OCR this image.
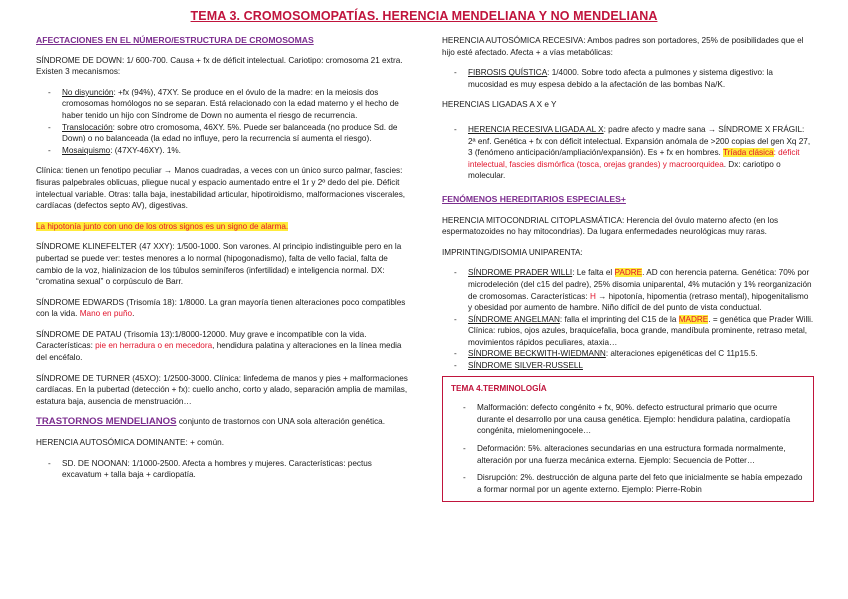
TEMA 3. CROMOSOMOPATÍAS. HERENCIA MENDELIANA Y NO MENDELIANA

AFECTACIONES EN EL NÚMERO/ESTRUCTURA DE CROMOSOMAS

SÍNDROME DE DOWN: 1/ 600-700. Causa + fx de déficit intelectual. Cariotipo: cromosoma 21 extra. Existen 3 mecanismos:

- No disyunción: +fx (94%), 47XY. Se produce en el óvulo de la madre: en la meiosis dos cromosomas homólogos no se separan. Está relacionado con la edad materno y el hecho de haber tenido un hijo con Síndrome de Down no aumenta el riesgo de recurrencia.
- Translocación: sobre otro cromosoma, 46XY. 5%. Puede ser balanceada (no produce Sd. de Down) o no balanceada (la edad no influye, pero la recurrencia sí aumenta el riesgo).
- Mosaiquismo: (47XY-46XY). 1%.

Clínica: tienen un fenotipo peculiar → Manos cuadradas, a veces con un único surco palmar, fascies: fisuras palpebrales oblicuas, pliegue nucal y espacio aumentado entre el 1r y 2º dedo del pie. Déficit intelectual variable. Otras: talla baja, inestabilidad articular, hipotiroidismo, malformaciones viscerales, cardíacas (defectos septo AV), digestivas.

La hipotonía junto con uno de los otros signos es un signo de alarma.

SÍNDROME KLINEFELTER (47 XXY): 1/500-1000. Son varones. Al principio indistinguible pero en la pubertad se puede ver: testes menores a lo normal (hipogonadismo), falta de vello facial, falta de cambio de la voz, hialinizacion de los túbulos seminíferos (infertilidad) e inteligencia normal. DX: “cromatina sexual” o corpúsculo de Barr.

SÍNDROME EDWARDS (Trisomía 18): 1/8000. La gran mayoría tienen alteraciones poco compatibles con la vida. Mano en puño.

SÍNDROME DE PATAU (Trisomía 13):1/8000-12000. Muy grave e incompatible con la vida. Características: pie en herradura o en mecedora, hendidura palatina y alteraciones en la línea media del encéfalo.

SÍNDROME DE TURNER (45XO): 1/2500-3000. Clínica: linfedema de manos y pies + malformaciones cardíacas. En la pubertad (detección + fx): cuello ancho, corto y alado, separación amplia de mamilas, estatura baja, ausencia de menstruación…

TRASTORNOS MENDELIANOS conjunto de trastornos con UNA sola alteración genética.

HERENCIA AUTOSÓMICA DOMINANTE: + común.

- SD. DE NOONAN: 1/1000-2500. Afecta a hombres y mujeres. Características: pectus excavatum + talla baja + cardiopatía.

HERENCIA AUTOSÓMICA RECESIVA: Ambos padres son portadores, 25% de posibilidades que el hijo esté afectado. Afecta + a vías metabólicas:

- FIBROSIS QUÍSTICA: 1/4000. Sobre todo afecta a pulmones y sistema digestivo: la mucosidad es muy espesa debido a la afectación de las bombas Na/K.

HERENCIAS LIGADAS A X e Y

- HERENCIA RECESIVA LIGADA AL X: padre afecto y madre sana → SÍNDROME X FRÁGIL: 2ª enf. Genética + fx con déficit intelectual. Expansión anómala de >200 copias del gen Xq 27, 3 (fenómeno anticipación/ampliación/expansión). Es + fx en hombres. Tríada clásica: déficit intelectual, fascies dismórfica (tosca, orejas grandes) y macroorquidea. Dx: cariotipo o molecular.

FENÓMENOS HEREDITARIOS ESPECIALES+

HERENCIA MITOCONDRIAL CITOPLASMÁTICA: Herencia del óvulo materno afecto (en los espermatozoides no hay mitocondrias). Da lugara enfermedades neurológicas muy raras.

IMPRINTING/DISOMIA UNIPARENTA:

- SÍNDROME PRADER WILLI: Le falta el PADRE. AD con herencia paterna. Genética: 70% por microdeleción (del c15 del padre), 25% disomia uniparental, 4% mutación y 1% reorganización de cromosomas. Características: H → hipotonía, hipomentia (retraso mental), hipogenitalismo y obesidad por aumento de hambre. Niño difícil de del punto de vista conductual.
- SÍNDROME ANGELMAN: falla el imprinting del C15 de la MADRE. = genética que Prader Willi. Clínica: rubios, ojos azules, braquicefalia, boca grande, mandíbula prominente, retraso metal, movimientos rápidos peculiares, ataxia…
- SÍNDROME BECKWITH-WIEDMANN: alteraciones epigenéticas del C 11p15.5.
- SÍNDROME SILVER-RUSSELL

TEMA 4.TERMINOLOGÍA

- Malformación: defecto congénito + fx, 90%. defecto estructural primario que ocurre durante el desarrollo por una causa genética. Ejemplo: hendidura palatina, cardiopatía congénita, mielomeningocele…
- Deformación: 5%. alteraciones secundarias en una estructura formada normalmente, alteración por una fuerza mecánica externa. Ejemplo: Secuencia de Potter…
- Disrupción: 2%. destrucción de alguna parte del feto que inicialmente se había empezado a formar normal por un agente externo. Ejemplo: Pierre-Robin
